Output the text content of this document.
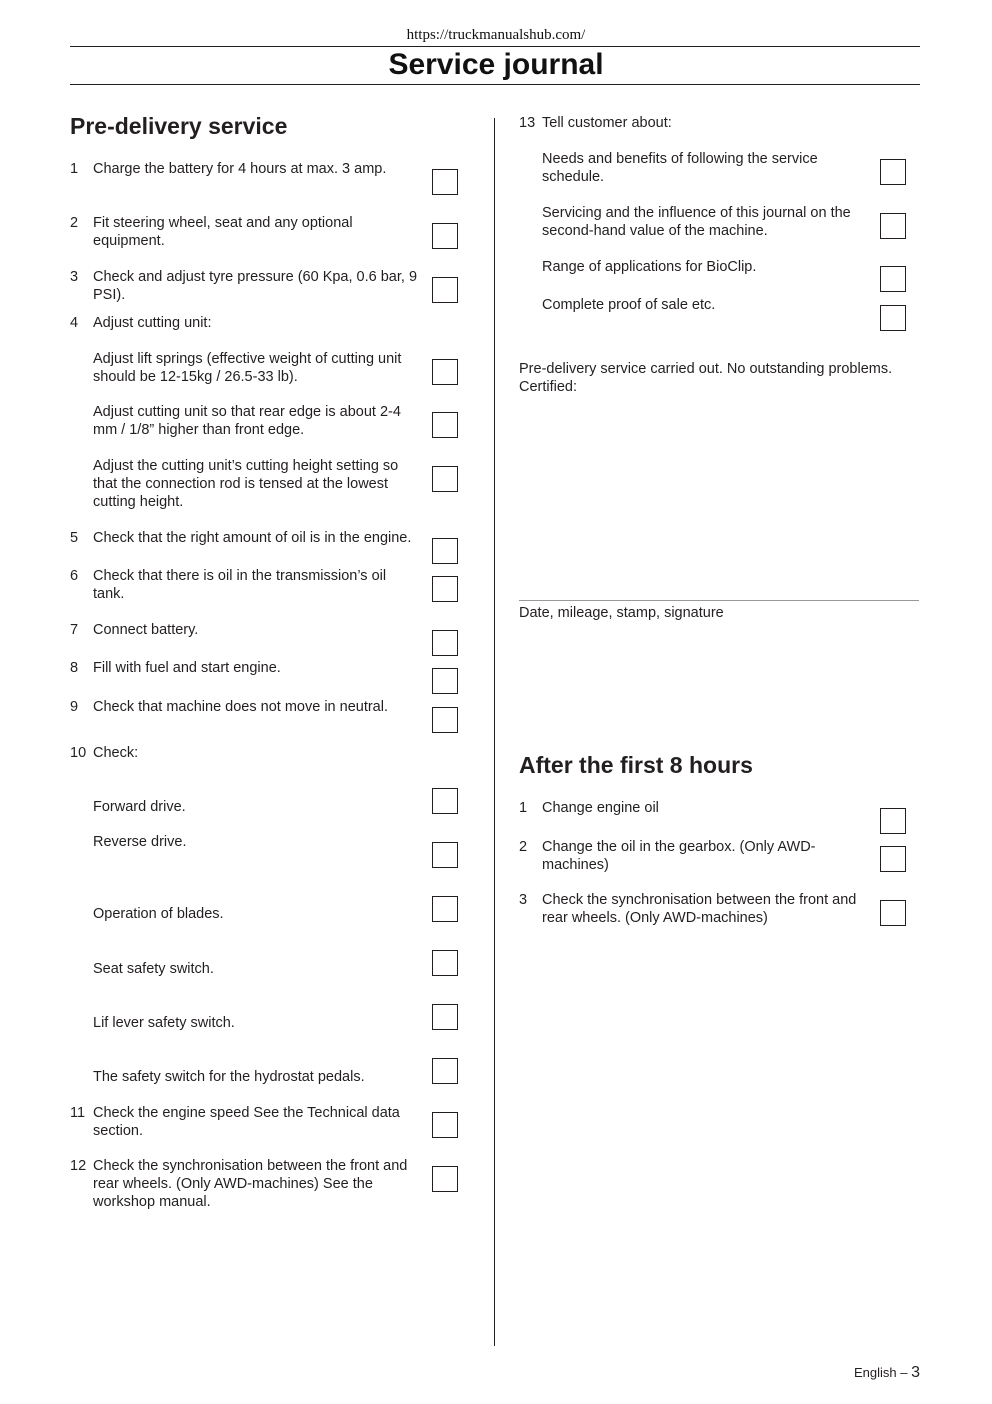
https://truckmanualshub.com/
Service journal
Pre-delivery service
1 Charge the battery for 4 hours at max. 3 amp.
2 Fit steering wheel, seat and any optional equipment.
3 Check and adjust tyre pressure (60 Kpa, 0.6 bar, 9 PSI).
4 Adjust cutting unit:
Adjust lift springs (effective weight of cutting unit should be 12-15kg / 26.5-33 lb).
Adjust cutting unit so that rear edge is about 2-4 mm / 1/8” higher than front edge.
Adjust the cutting unit’s cutting height setting so that the connection rod is tensed at the lowest cutting height.
5 Check that the right amount of oil is in the engine.
6 Check that there is oil in the transmission’s oil tank.
7 Connect battery.
8 Fill with fuel and start engine.
9 Check that machine does not move in neutral.
10 Check:
Forward drive.
Reverse drive.
Operation of blades.
Seat safety switch.
Lif lever safety switch.
The safety switch for the hydrostat pedals.
11 Check the engine speed See the Technical data section.
12 Check the synchronisation between the front and rear wheels. (Only AWD-machines) See the workshop manual.
13 Tell customer about:
Needs and benefits of following the service schedule.
Servicing and the influence of this journal on the second-hand value of the machine.
Range of applications for BioClip.
Complete proof of sale etc.
Pre-delivery service carried out. No outstanding problems. Certified:
Date, mileage, stamp, signature
After the first 8 hours
1 Change engine oil
2 Change the oil in the gearbox. (Only AWD-machines)
3 Check the synchronisation between the front and rear wheels. (Only AWD-machines)
English – 3
